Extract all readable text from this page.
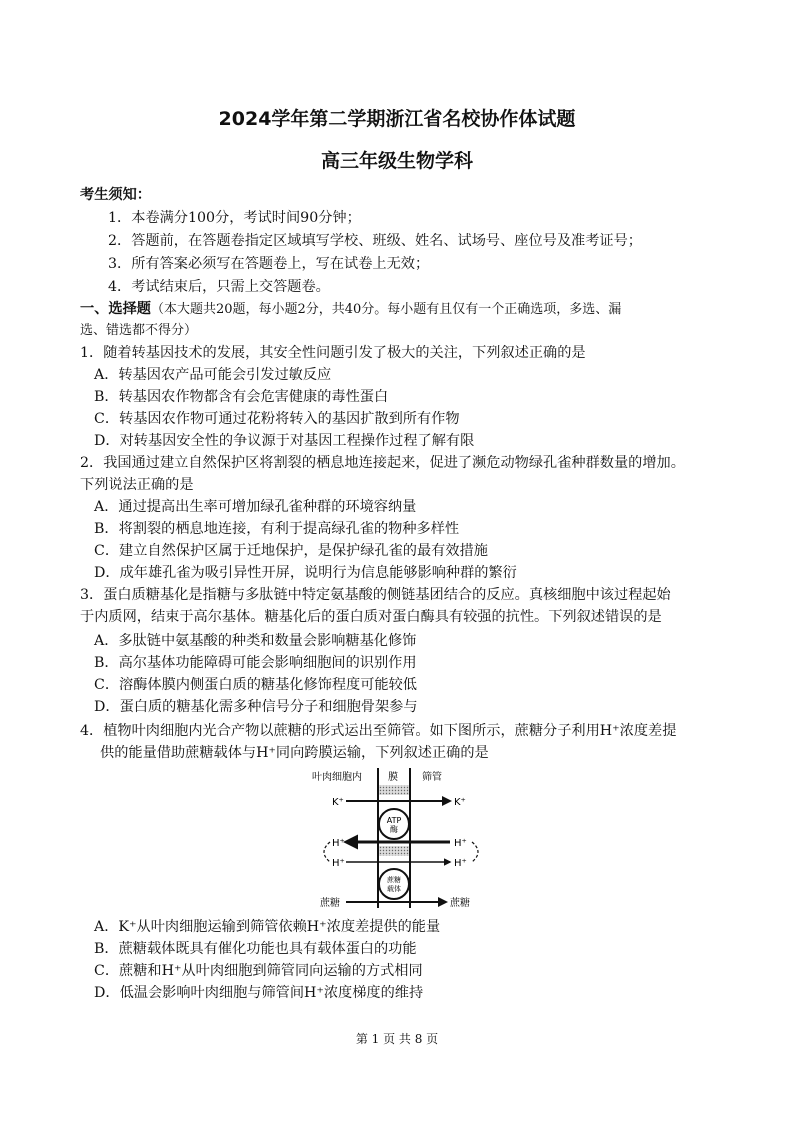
2024学年第二学期浙江省名校协作体试题
高三年级生物学科
考生须知：
1．本卷满分100分，考试时间90分钟；
2．答题前，在答题卷指定区域填写学校、班级、姓名、试场号、座位号及准考证号；
3．所有答案必须写在答题卷上，写在试卷上无效；
4．考试结束后，只需上交答题卷。
一、选择题（本大题共20题，每小题2分，共40分。每小题有且仅有一个正确选项，多选、漏
选、错选都不得分）
1．随着转基因技术的发展，其安全性问题引发了极大的关注，下列叙述正确的是
A．转基因农产品可能会引发过敏反应
B．转基因农作物都含有会危害健康的毒性蛋白
C．转基因农作物可通过花粉将转入的基因扩散到所有作物
D．对转基因安全性的争议源于对基因工程操作过程了解有限
2．我国通过建立自然保护区将割裂的栖息地连接起来，促进了濒危动物绿孔雀种群数量的增加。
下列说法正确的是
A．通过提高出生率可增加绿孔雀种群的环境容纳量
B．将割裂的栖息地连接，有利于提高绿孔雀的物种多样性
C．建立自然保护区属于迁地保护，是保护绿孔雀的最有效措施
D．成年雄孔雀为吸引异性开屏，说明行为信息能够影响种群的繁衍
3．蛋白质糖基化是指糖与多肽链中特定氨基酸的侧链基团结合的反应。真核细胞中该过程起始
于内质网，结束于高尔基体。糖基化后的蛋白质对蛋白酶具有较强的抗性。下列叙述错误的是
A．多肽链中氨基酸的种类和数量会影响糖基化修饰
B．高尔基体功能障碍可能会影响细胞间的识别作用
C．溶酶体膜内侧蛋白质的糖基化修饰程度可能较低
D．蛋白质的糖基化需多种信号分子和细胞骨架参与
4．植物叶肉细胞内光合产物以蔗糖的形式运出至筛管。如下图所示，蔗糖分子利用H⁺浓度差提
供的能量借助蔗糖载体与H⁺同向跨膜运输，下列叙述正确的是
叶肉细胞内	膜 筛管
K⁺	K⁺
ATP
酶
H⁺	H⁺
H⁺	H⁺
蔗糖
载体
蔗糖	蔗糖
A．K⁺从叶肉细胞运输到筛管依赖H⁺浓度差提供的能量
B．蔗糖载体既具有催化功能也具有载体蛋白的功能
C．蔗糖和H⁺从叶肉细胞到筛管同向运输的方式相同
D．低温会影响叶肉细胞与筛管间H⁺浓度梯度的维持
第 1 页 共 8 页
